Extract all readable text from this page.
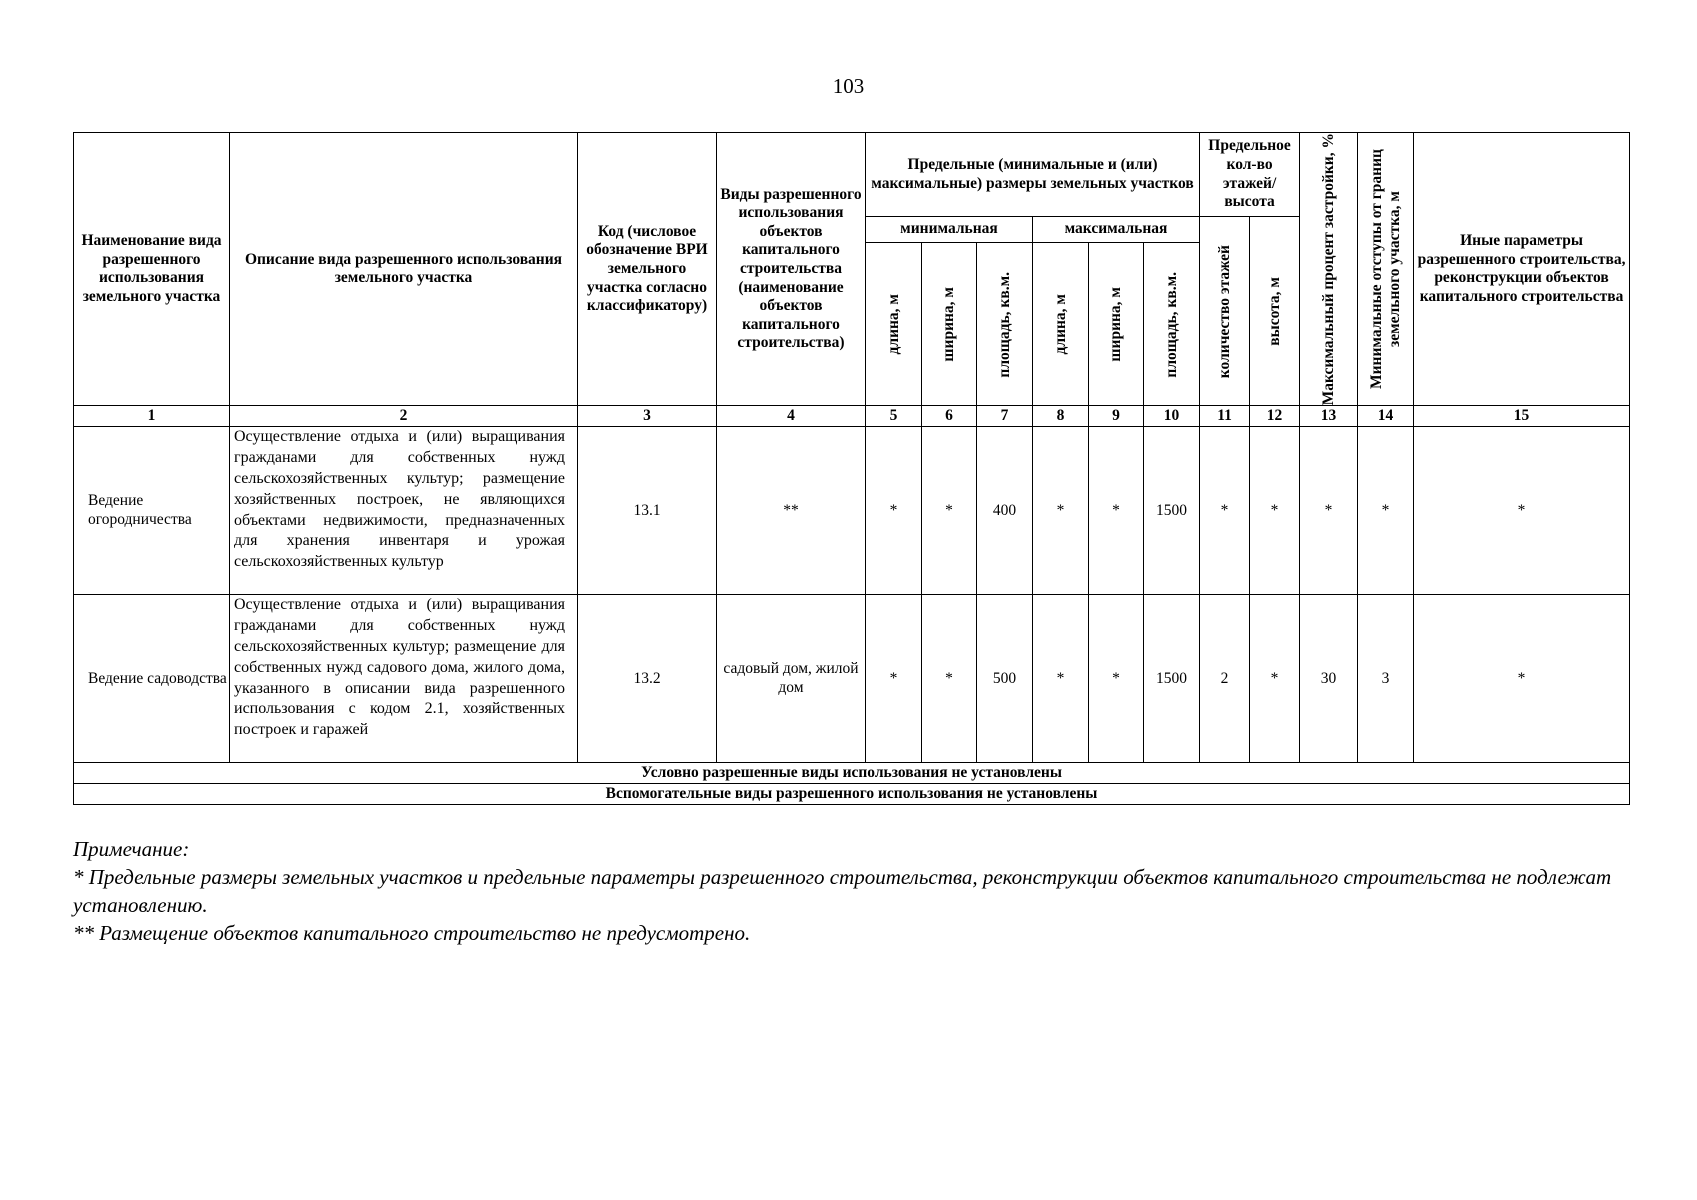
103
Наименование вида разрешенного использования земельного участка	Описание вида разрешенного использования земельного участка	Код (числовое обозначение ВРИ земельного участка согласно классификатору)	Виды разрешенного использования объектов капитального строительства (наименование объектов капитального строительства)	Предельные (минимальные и (или) максимальные) размеры земельных участков						Предельное кол-во этажей/ высота		Максимальный процент застройки, %	Минимальные отступы от границ земельного участка, м	Иные параметры разрешенного строительства, реконструкции объектов капитального строительства
				минимальная			максимальная			количество этажей	высота, м			

				длина, м	ширина, м	площадь, кв.м.	длина, м	ширина, м	площадь, кв.м.					

1	2	3	4	5	6	7	8	9	10	11	12	13	14	15
Ведение огородничества	Осуществление отдыха и (или) выращивания гражданами для собственных нужд сельскохозяйственных культур; размещение хозяйственных построек, не являющихся объектами недвижимости, предназначенных для хранения инвентаря и урожая сельскохозяйственных культур	13.1	**	*	*	400	*	*	1500	*	*	*	*	*
Ведение садоводства	Осуществление отдыха и (или) выращивания гражданами для собственных нужд сельскохозяйственных культур; размещение для собственных нужд садового дома, жилого дома, указанного в описании вида разрешенного использования с кодом 2.1, хозяйственных построек и гаражей	13.2	садовый дом, жилой дом	*	*	500	*	*	1500	2	*	30	3	*
Условно разрешенные виды использования не установлены														
Вспомогательные виды разрешенного использования не установлены														
Примечание:
* Предельные размеры земельных участков и предельные параметры разрешенного строительства, реконструкции объектов капитального строительства не подлежат установлению.
** Размещение объектов капитального строительство не предусмотрено.
